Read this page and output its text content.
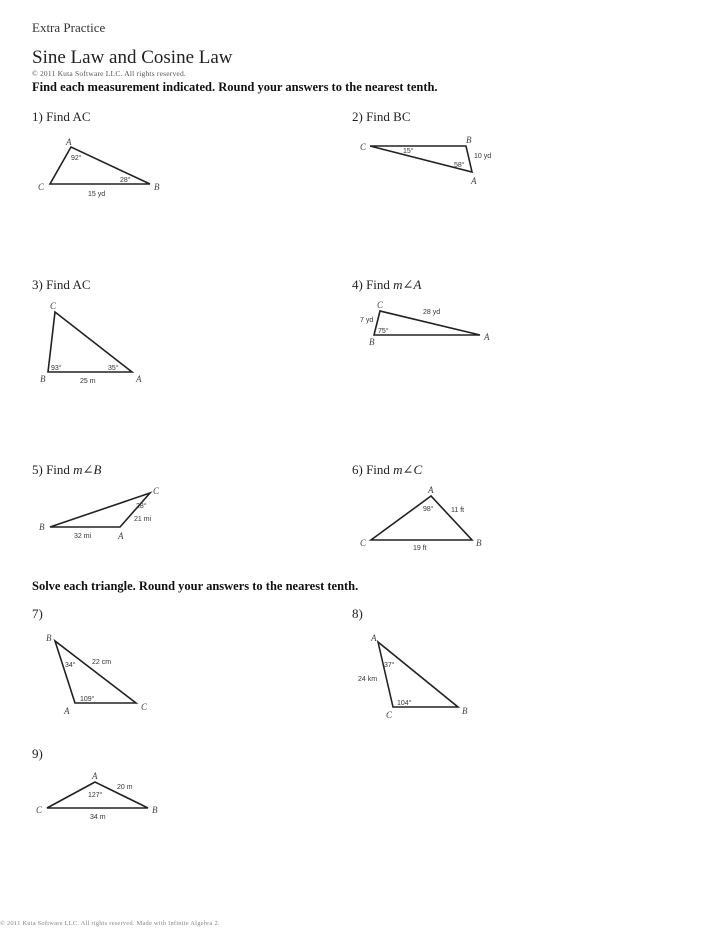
Extra Practice
Sine Law and Cosine Law
© 2011 Kuta Software LLC. All rights reserved.
Find each measurement indicated. Round your answers to the nearest tenth.
1) Find AC
A
C	B
92°
28°
15 yd
2) Find BC
C
B
A
15°
58°
10 yd
3) Find AC
C
B	A
93°	35°
25 m
4) Find m∠A
C
B	A
75°
7 yd
28 yd
5) Find m∠B
B
A
C
28°
21 mi
32 mi
6) Find m∠C
A
C	B
98° 11 ft
19 ft
Solve each triangle. Round your answers to the nearest tenth.
7)
B
A	C
34°
109°
22 cm
8)
A
C	B
37°
104°
24 km
9)
A
C	B
127°
20 m
34 m
© 2011 Kuta Software LLC. All rights reserved. Made with Infinite Algebra 2.
